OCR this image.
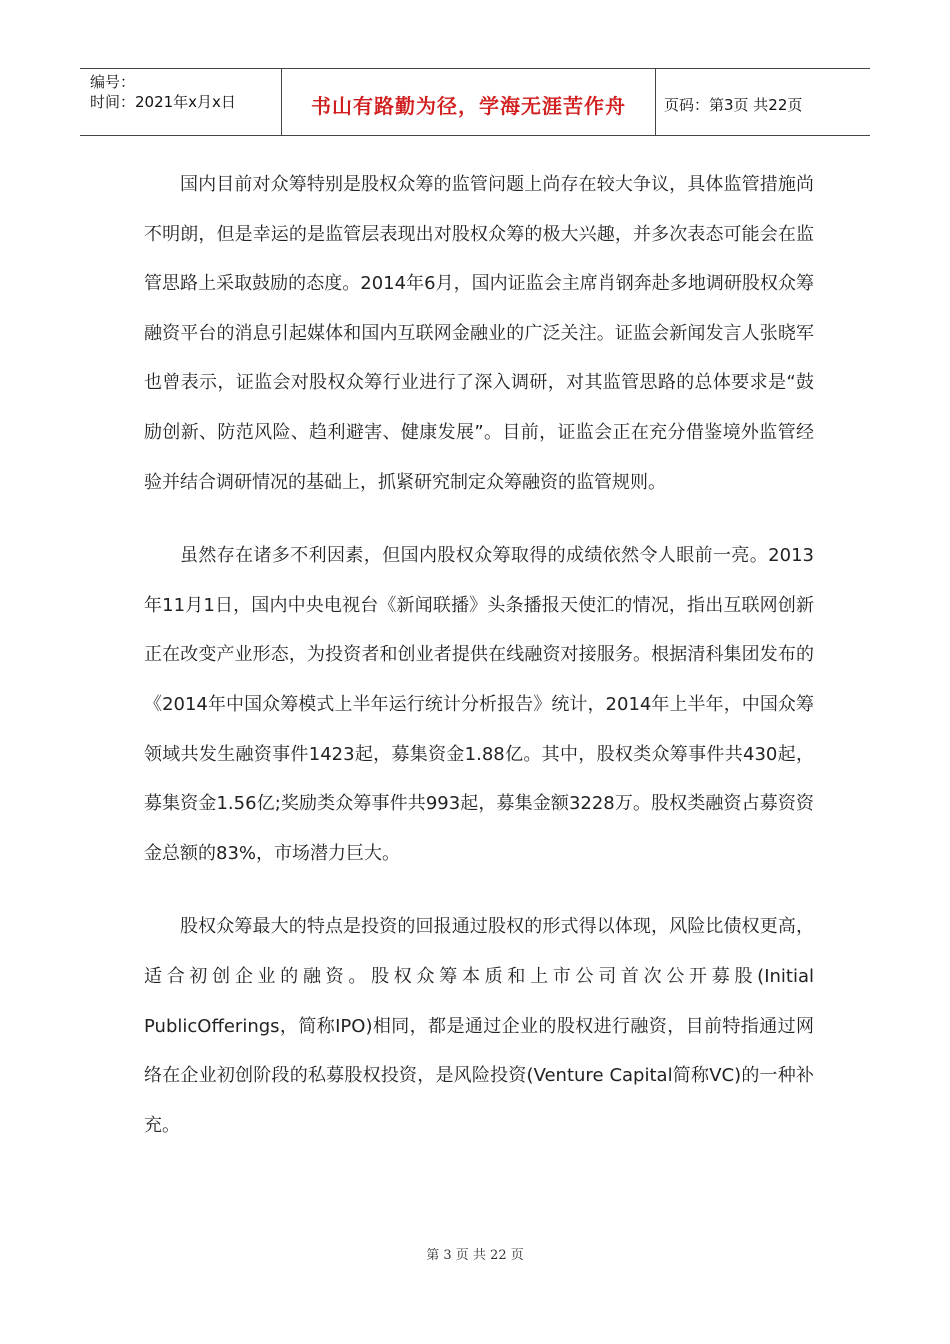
编号：
时间：2021年x月x日	书山有路勤为径，学海无涯苦作舟	页码：第3页 共22页

国内目前对众筹特别是股权众筹的监管问题上尚存在较大争议，具体监管措施尚不明朗，但是幸运的是监管层表现出对股权众筹的极大兴趣，并多次表态可能会在监管思路上采取鼓励的态度。2014年6月，国内证监会主席肖钢奔赴多地调研股权众筹融资平台的消息引起媒体和国内互联网金融业的广泛关注。证监会新闻发言人张晓军也曾表示，证监会对股权众筹行业进行了深入调研，对其监管思路的总体要求是“鼓励创新、防范风险、趋利避害、健康发展”。目前，证监会正在充分借鉴境外监管经验并结合调研情况的基础上，抓紧研究制定众筹融资的监管规则。

虽然存在诸多不利因素，但国内股权众筹取得的成绩依然令人眼前一亮。2013年11月1日，国内中央电视台《新闻联播》头条播报天使汇的情况，指出互联网创新正在改变产业形态，为投资者和创业者提供在线融资对接服务。根据清科集团发布的《2014年中国众筹模式上半年运行统计分析报告》统计，2014年上半年，中国众筹领域共发生融资事件1423起，募集资金1.88亿。其中，股权类众筹事件共430起，募集资金1.56亿;奖励类众筹事件共993起，募集金额3228万。股权类融资占募资资金总额的83%，市场潜力巨大。

股权众筹最大的特点是投资的回报通过股权的形式得以体现，风险比债权更高，适合初创企业的融资。股权众筹本质和上市公司首次公开募股(Initial PublicOfferings，简称IPO)相同，都是通过企业的股权进行融资，目前特指通过网络在企业初创阶段的私募股权投资，是风险投资(Venture Capital简称VC)的一种补充。

第 3 页 共 22 页
